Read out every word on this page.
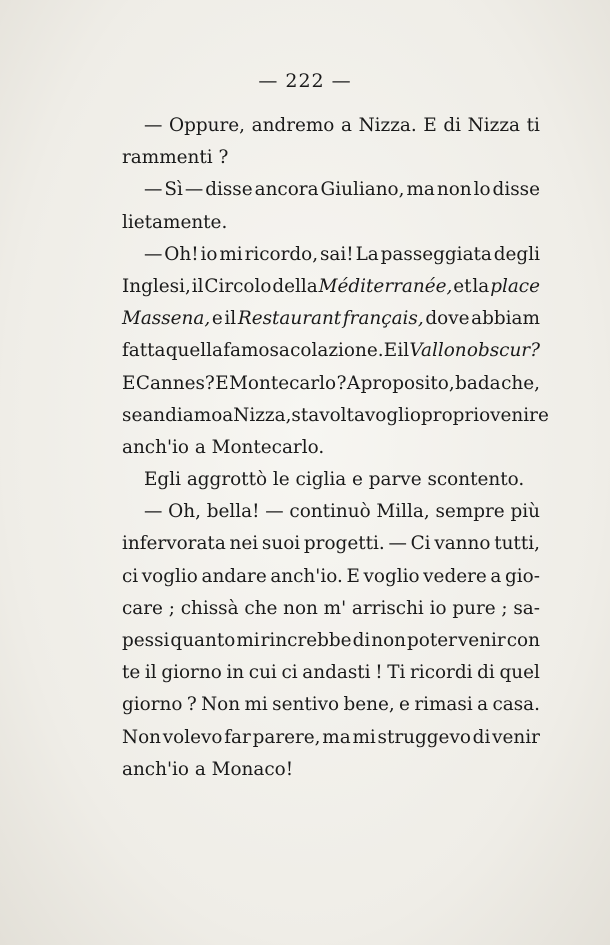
— 222 —
— Oppure, andremo a Nizza. E di Nizza ti
rammenti ?
— Sì — disse ancora Giuliano, ma non lo disse
lietamente.
— Oh! io mi ricordo, sai! La passeggiata degli
Inglesi, il Circolo della Méditerranée, et la place
Massena, e il Restaurant français, dove abbiam
fatta quella famosa colazione. E il Vallon obscur?
E Cannes? E Montecarlo ? A proposito, bada che,
se andiamo a Nizza, stavolta voglio proprio venire
anch'io a Montecarlo.
Egli aggrottò le ciglia e parve scontento.
— Oh, bella! — continuò Milla, sempre più
infervorata nei suoi progetti. — Ci vanno tutti,
ci voglio andare anch'io. E voglio vedere a gio-
care ; chissà che non m' arrischi io pure ; sa-
pessi quanto mi rincrebbe di non poter venir con
te il giorno in cui ci andasti ! Ti ricordi di quel
giorno ? Non mi sentivo bene, e rimasi a casa.
Non volevo far parere, ma mi struggevo di venir
anch'io a Monaco!
